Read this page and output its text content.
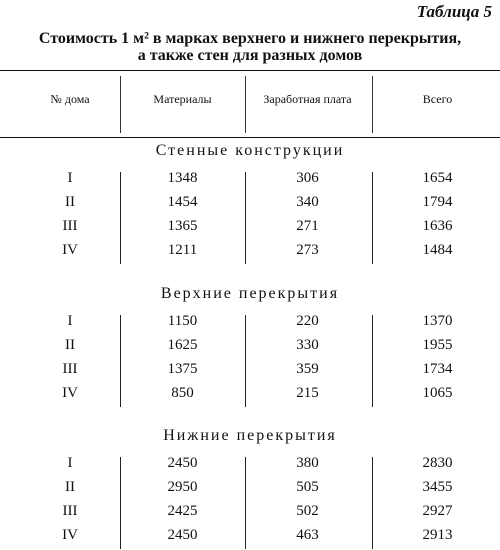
Таблица 5
Стоимость 1 м² в марках верхнего и нижнего перекрытия,
а также стен для разных домов
№ дома	Материалы	Заработная плата	Всего
Стенные конструкции
I	1348	306	1654
II	1454	340	1794
III	1365	271	1636
IV	1211	273	1484
Верхние перекрытия
I	1150	220	1370
II	1625	330	1955
III	1375	359	1734
IV	850	215	1065
Нижние перекрытия
I	2450	380	2830
II	2950	505	3455
III	2425	502	2927
IV	2450	463	2913
